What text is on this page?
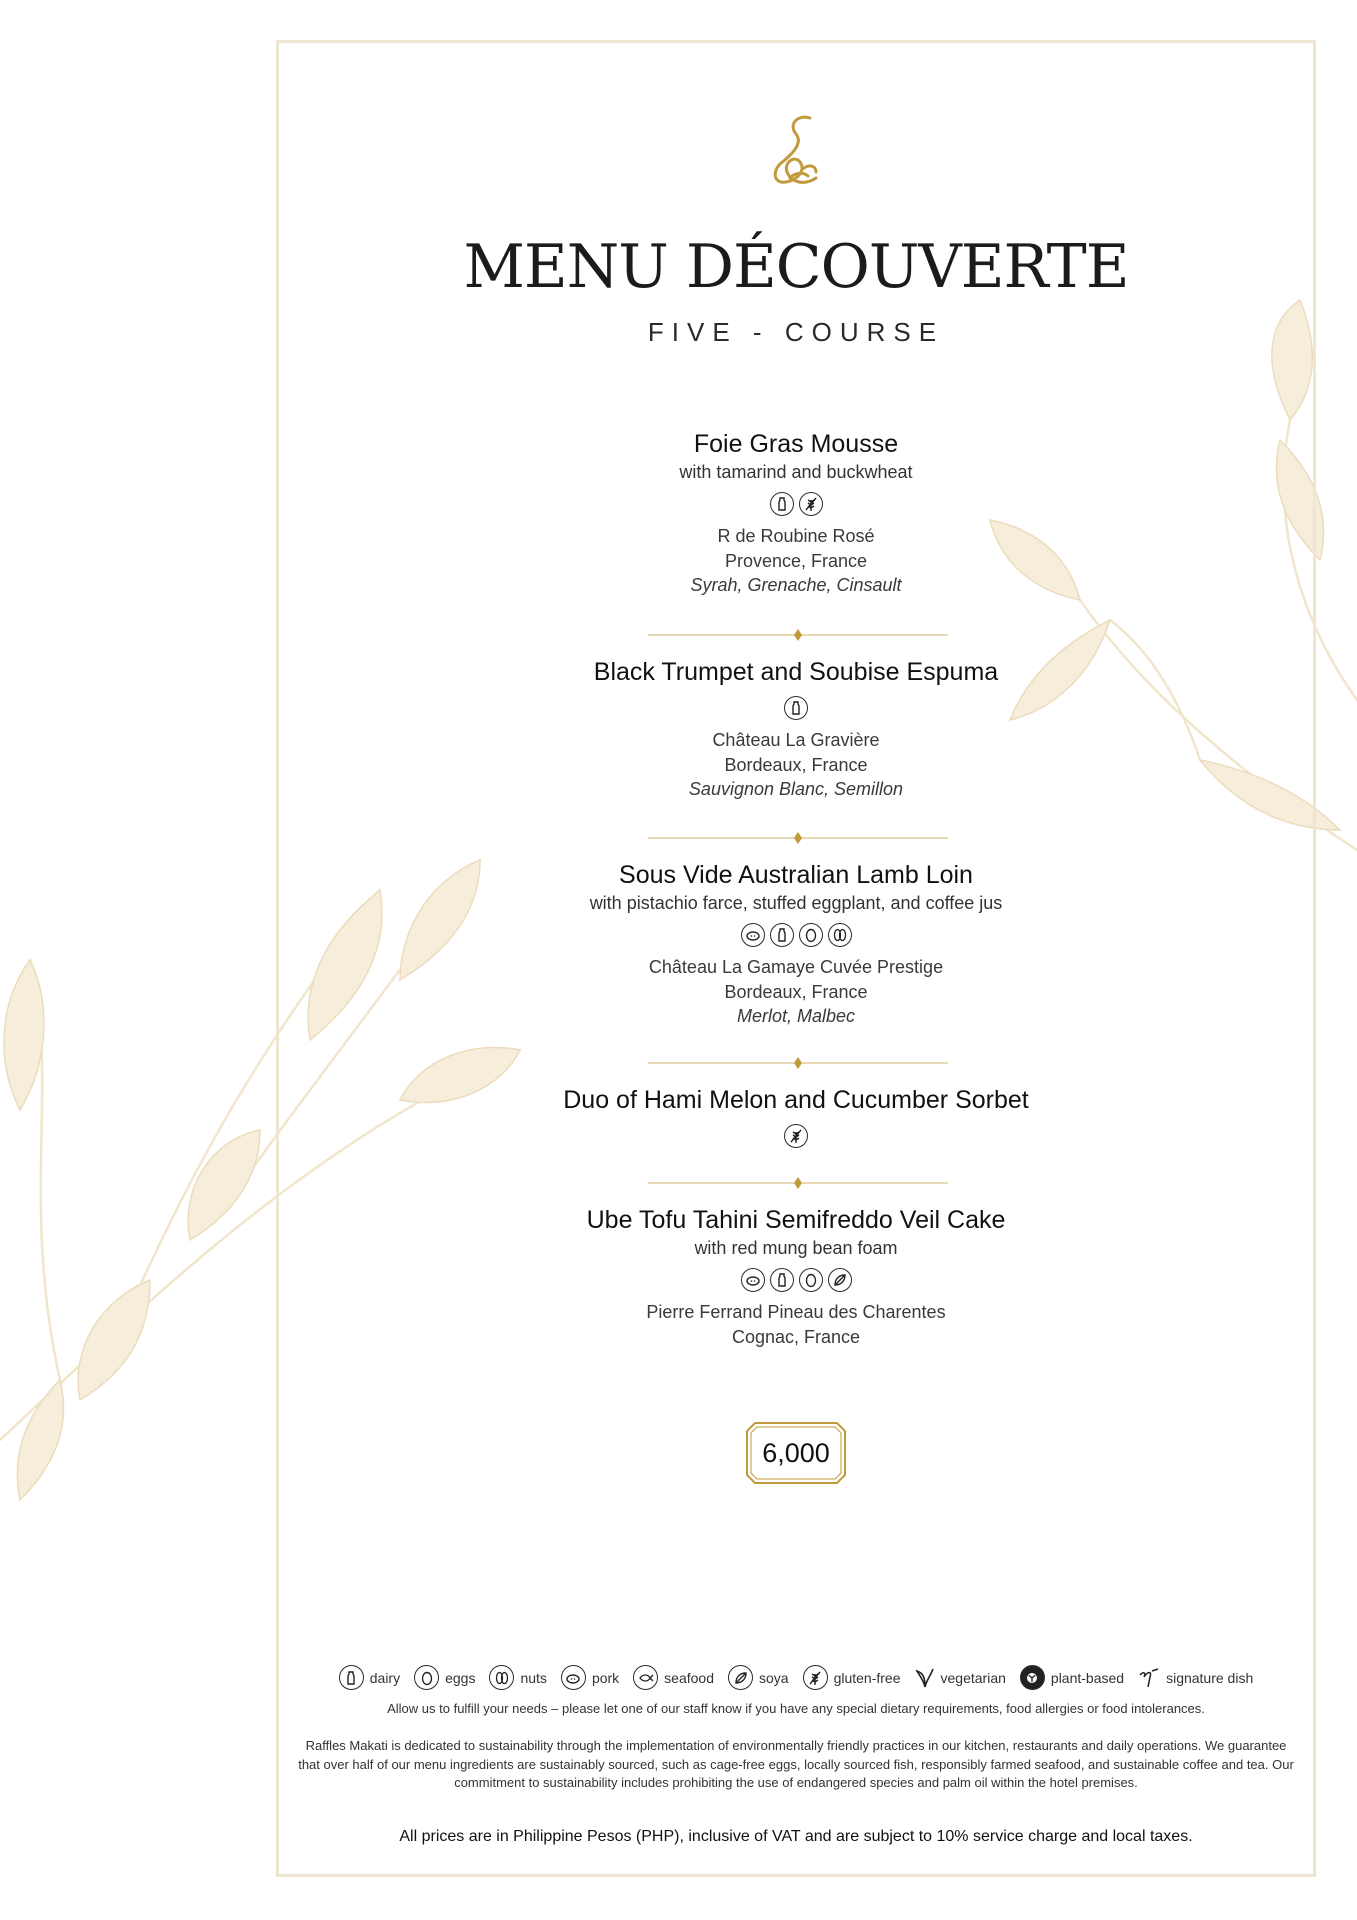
MENU DÉCOUVERTE
FIVE - COURSE
Foie Gras Mousse
with tamarind and buckwheat
R de Roubine Rosé
Provence, France
Syrah, Grenache, Cinsault
Black Trumpet and Soubise Espuma
Château La Gravière
Bordeaux, France
Sauvignon Blanc, Semillon
Sous Vide Australian Lamb Loin
with pistachio farce, stuffed eggplant, and coffee jus
Château La Gamaye Cuvée Prestige
Bordeaux, France
Merlot, Malbec
Duo of Hami Melon and Cucumber Sorbet
Ube Tofu Tahini Semifreddo Veil Cake
with red mung bean foam
Pierre Ferrand Pineau des Charentes
Cognac, France
6,000
dairy	eggs	nuts	pork	seafood	soya	gluten-free	vegetarian	plant-based	signature dish
Allow us to fulfill your needs – please let one of our staff know if you have any special dietary requirements, food allergies or food intolerances.
Raffles Makati is dedicated to sustainability through the implementation of environmentally friendly practices in our kitchen, restaurants and daily operations. We guarantee that over half of our menu ingredients are sustainably sourced, such as cage-free eggs, locally sourced fish, responsibly farmed seafood, and sustainable coffee and tea. Our commitment to sustainability includes prohibiting the use of endangered species and palm oil within the hotel premises.
All prices are in Philippine Pesos (PHP), inclusive of VAT and are subject to 10% service charge and local taxes.
